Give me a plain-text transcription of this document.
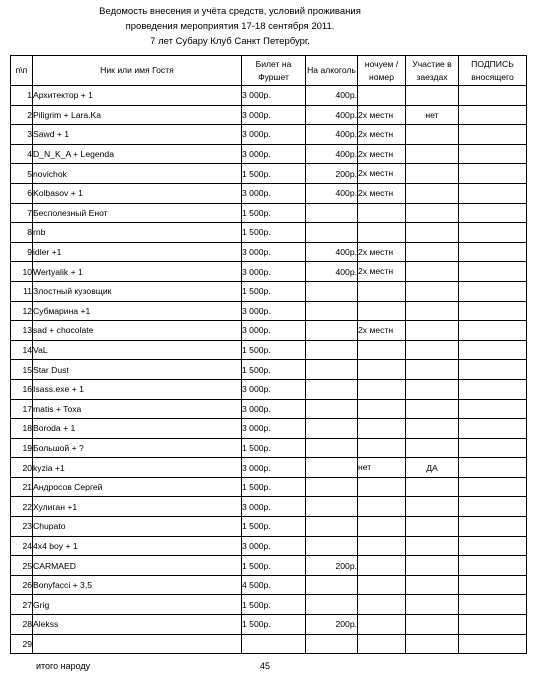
Ведомость внесения и учёта средств, условий проживания
проведения мероприятия 17-18 сентября 2011.
7 лет Субару Клуб Санкт Петербург.
п\п	Ник или имя Гостя	Билет на Фуршет	На алкоголь	ночуем /номер	Участие в заездах	ПОДПИСЬ вносящего
1	Архитектор + 1	3 000р.	400р.			
2	Piligrim + Lara.Ka	3 000р.	400р.	2х местн	нет	
3	Sawd + 1	3 000р.	400р.	2х местн		
4	D_N_K_A + Legenda	3 000р.	400р.	2х местн		
5	novichok	1 500р.	200р.	2х местн		
6	Kolbasov + 1	3 000р.	400р.	2х местн		
7	Бесполезный Енот	1 500р.				
8	rnb	1 500р.				
9	idler +1	3 000р.	400р.	2х местн		
10	Wertyalik + 1	3 000р.	400р.	2х местн		
11	Злостный кузовщик	1 500р.				
12	Субмарина +1	3 000р.				
13	sad + chocolate	3 000р.		2х местн		
14	VaL	1 500р.				
15	Star Dust	1 500р.				
16	Isass.exe + 1	3 000р.				
17	matis + Toxa	3 000р.				
18	Boroda + 1	3 000р.				
19	Большой + ?	1 500р.				
20	kyzia +1	3 000р.		нет	ДА	
21	Андросов Сергей	1 500р.				
22	Хулиган +1	3 000р.				
23	Chupato	1 500р.				
24	4x4 boy + 1	3 000р.				
25	CARMAED	1 500р.	200р.			
26	Bonyfacci + 3,5	4 500р.				
27	Grig	1 500р.				
28	Alekss	1 500р.	200р.			
29						
итого народу	45
